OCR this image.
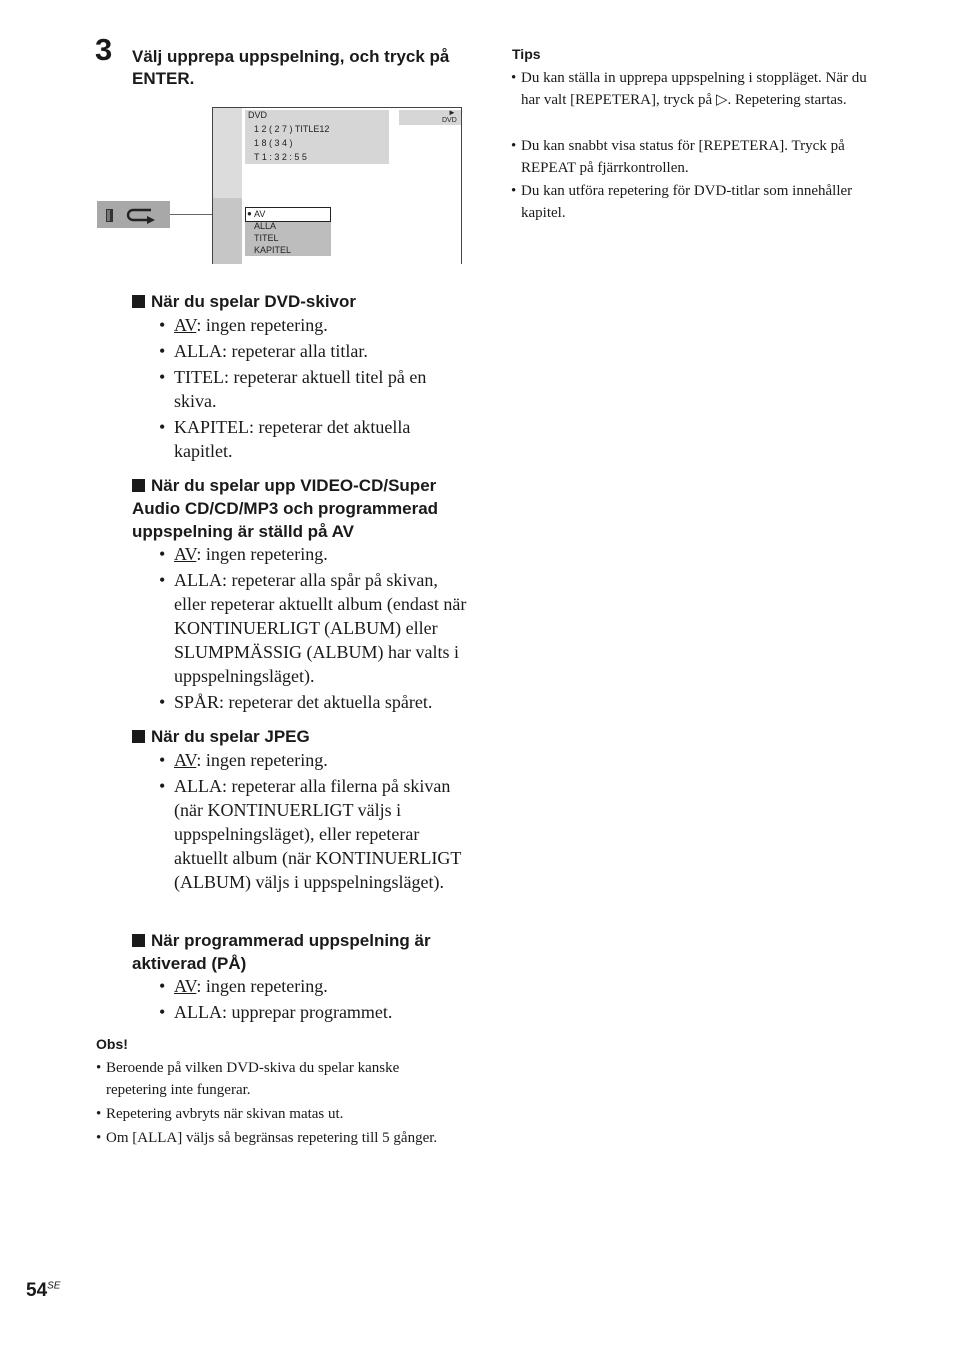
3 Välj upprepa uppspelning, och tryck på ENTER.
DVD
1 2 ( 2 7 ) TITLE12
1 8 ( 3 4 )
T 1 : 3 2 : 5 5
►
DVD
● AV
ALLA
TITEL
KAPITEL
När du spelar DVD-skivor
• AV: ingen repetering.
• ALLA: repeterar alla titlar.
• TITEL: repeterar aktuell titel på en skiva.
• KAPITEL: repeterar det aktuella kapitlet.
När du spelar upp VIDEO-CD/Super Audio CD/CD/MP3 och programmerad uppspelning är ställd på AV
• AV: ingen repetering.
• ALLA: repeterar alla spår på skivan, eller repeterar aktuellt album (endast när KONTINUERLIGT (ALBUM) eller SLUMPMÄSSIG (ALBUM) har valts i uppspelningsläget).
• SPÅR: repeterar det aktuella spåret.
När du spelar JPEG
• AV: ingen repetering.
• ALLA: repeterar alla filerna på skivan (när KONTINUERLIGT väljs i uppspelningsläget), eller repeterar aktuellt album (när KONTINUERLIGT (ALBUM) väljs i uppspelningsläget).
När programmerad uppspelning är aktiverad (PÅ)
• AV: ingen repetering.
• ALLA: upprepar programmet.
Obs!
• Beroende på vilken DVD-skiva du spelar kanske repetering inte fungerar.
• Repetering avbryts när skivan matas ut.
• Om [ALLA] väljs så begränsas repetering till 5 gånger.
Tips
• Du kan ställa in upprepa uppspelning i stoppläget. När du har valt [REPETERA], tryck på ▷. Repetering startas.
• Du kan snabbt visa status för [REPETERA]. Tryck på REPEAT på fjärrkontrollen.
• Du kan utföra repetering för DVD-titlar som innehåller kapitel.
$54^{SE}$
